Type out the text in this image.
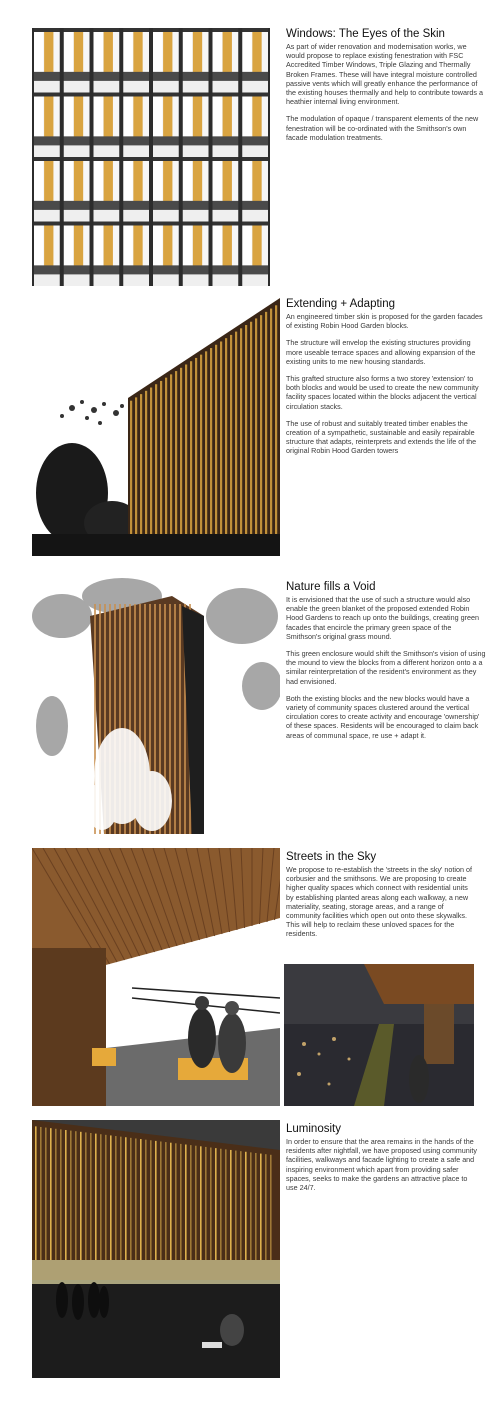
Windows: The Eyes of the Skin

As part of wider renovation and modernisation works, we would propose to replace existing fenestration with FSC Accredited Timber Windows, Triple Glazing and Thermally Broken Frames. These will have integral moisture controlled passive vents which will greatly enhance the performance of the existing houses thermally and help to contribute towards a heathier internal living environment.

The modulation of opaque / transparent elements of the new fenestration will be co-ordinated with the Smithson's own facade modulation treatments.

Extending + Adapting

An engineered timber skin is proposed for the garden facades of existing Robin Hood Garden blocks.

The structure will envelop the existing structures providing more useable terrace spaces and allowing expansion of the existing units to me new housing standards.

This grafted structure also forms a two storey 'extension' to both blocks and would be used to create the new community facility spaces located within the blocks adjacent the vertical circulation stacks.

The use of robust and suitably treated timber enables the creation of a sympathetic, sustainable and easily repairable structure that adapts, reinterprets and extends the life of the original Robin Hood Garden towers

Nature fills a Void

It is envisioned that the use of such a structure would also enable the green blanket of the proposed extended Robin Hood Gardens to reach up onto the buildings, creating green facades that encircle the primary green space of the Smithson's original grass mound.

This green enclosure would shift the Smithson's vision of using the mound to view the blocks from a different horizon onto a a similar reinterpretation of the resident's environment as they had envisioned.

Both the existing blocks and the new blocks would have a variety of community spaces clustered around the vertical circulation cores to create activity and encourage 'ownership' of these spaces. Residents will be encouraged to claim back areas of communal space, re use + adapt it.

Streets in the Sky

We propose to re-establish the 'streets in the sky' notion of corbusier and the smithsons. We are proposing to create higher quality spaces which connect with residential units by establishing planted areas along each walkway, a new materiality, seating, storage areas, and a range of community facilities which open out onto these skywalks. This will help to reclaim these unloved spaces for the residents.

Luminosity

In order to ensure that the area remains in the hands of the residents after nightfall, we have proposed using community facilities, walkways and facade lighting to create a safe and inspiring environment which apart from providing safer spaces, seeks to make the gardens an attractive place to use 24/7.
